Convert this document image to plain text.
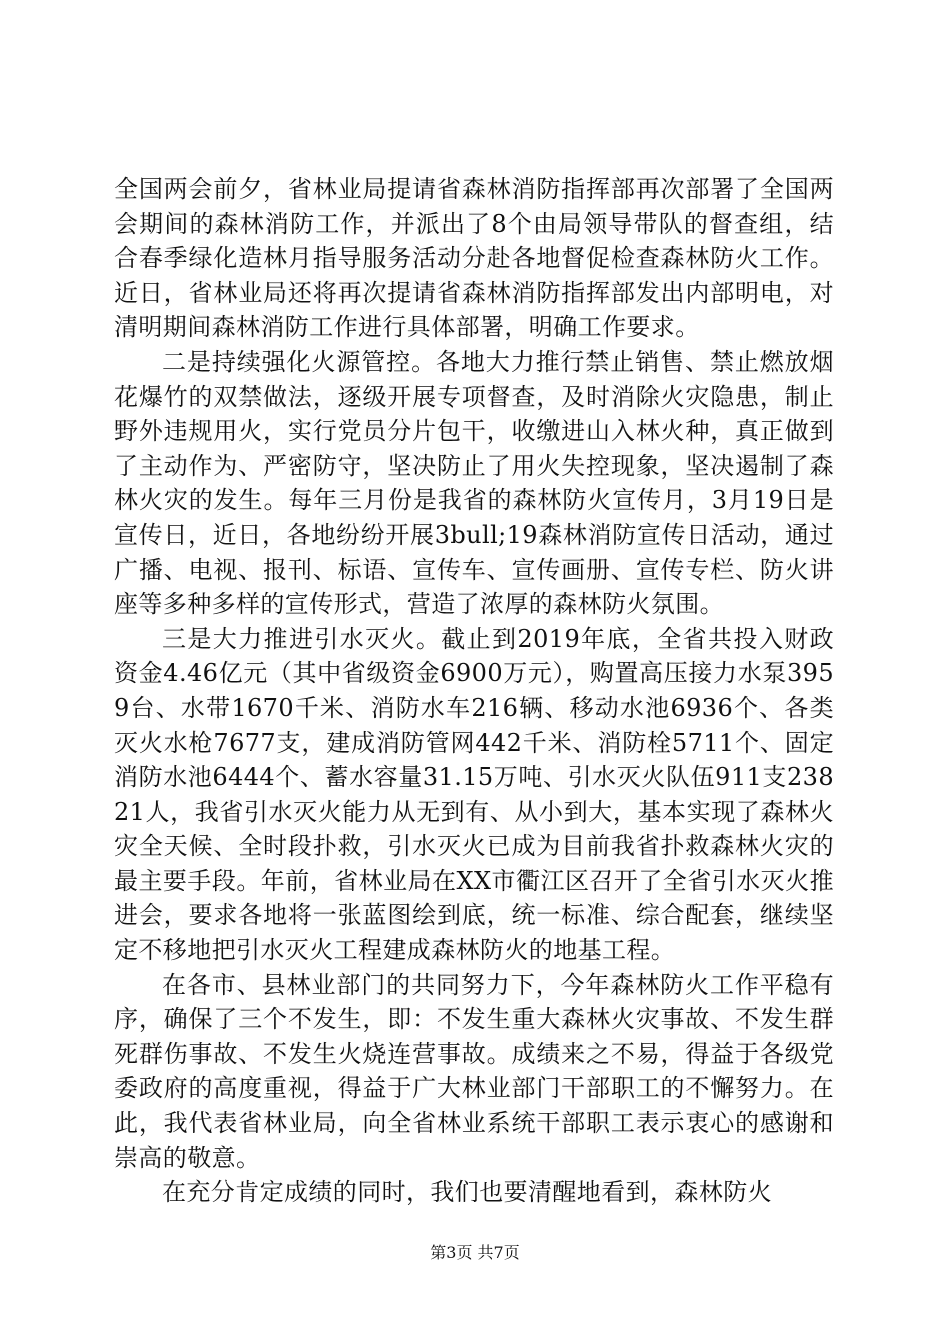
全国两会前夕，省林业局提请省森林消防指挥部再次部署了全国两会期间的森林消防工作，并派出了8个由局领导带队的督查组，结合春季绿化造林月指导服务活动分赴各地督促检查森林防火工作。近日，省林业局还将再次提请省森林消防指挥部发出内部明电，对清明期间森林消防工作进行具体部署，明确工作要求。

二是持续强化火源管控。各地大力推行禁止销售、禁止燃放烟花爆竹的双禁做法，逐级开展专项督查，及时消除火灾隐患，制止野外违规用火，实行党员分片包干，收缴进山入林火种，真正做到了主动作为、严密防守，坚决防止了用火失控现象，坚决遏制了森林火灾的发生。每年三月份是我省的森林防火宣传月，3月19日是宣传日，近日，各地纷纷开展3bull;19森林消防宣传日活动，通过广播、电视、报刊、标语、宣传车、宣传画册、宣传专栏、防火讲座等多种多样的宣传形式，营造了浓厚的森林防火氛围。

三是大力推进引水灭火。截止到2019年底，全省共投入财政资金4.46亿元（其中省级资金6900万元），购置高压接力水泵3959台、水带1670千米、消防水车216辆、移动水池6936个、各类灭火水枪7677支，建成消防管网442千米、消防栓5711个、固定消防水池6444个、蓄水容量31.15万吨、引水灭火队伍911支23821人，我省引水灭火能力从无到有、从小到大，基本实现了森林火灾全天候、全时段扑救，引水灭火已成为目前我省扑救森林火灾的最主要手段。年前，省林业局在XX市衢江区召开了全省引水灭火推进会，要求各地将一张蓝图绘到底，统一标准、综合配套，继续坚定不移地把引水灭火工程建成森林防火的地基工程。

在各市、县林业部门的共同努力下，今年森林防火工作平稳有序，确保了三个不发生，即：不发生重大森林火灾事故、不发生群死群伤事故、不发生火烧连营事故。成绩来之不易，得益于各级党委政府的高度重视，得益于广大林业部门干部职工的不懈努力。在此，我代表省林业局，向全省林业系统干部职工表示衷心的感谢和崇高的敬意。

在充分肯定成绩的同时，我们也要清醒地看到，森林防火

第3页 共7页
